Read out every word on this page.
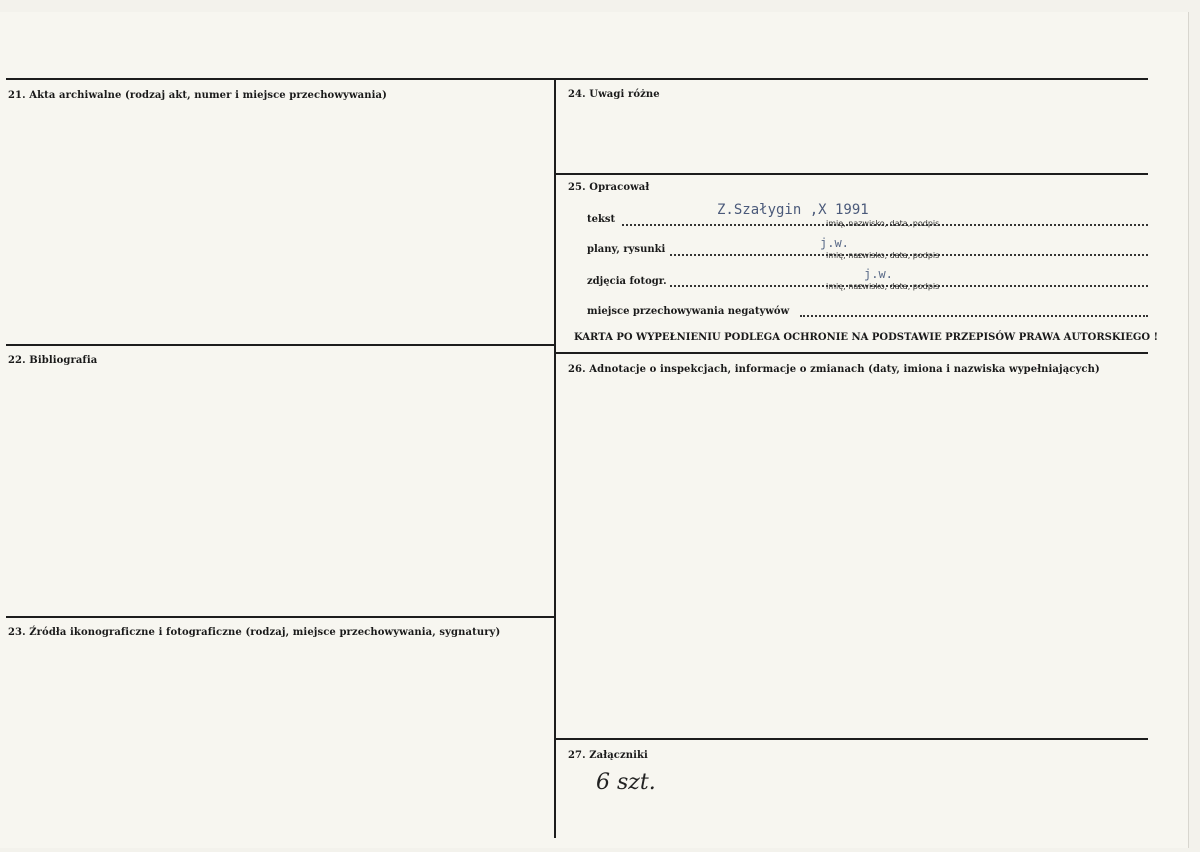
21. Akta archiwalne (rodzaj akt, numer i miejsce przechowywania)
22. Bibliografia
23. Źródła ikonograficzne i fotograficzne (rodzaj, miejsce przechowywania, sygnatury)
24. Uwagi różne
25. Opracował
tekst
Z.Szałygin ,X 1991
imię, nazwisko, data, podpis
plany, rysunki	j.w.
imię, nazwisko, data, podpis
zdjęcia fotogr.
j.w.
imię, nazwisko, data, podpis
miejsce przechowywania negatywów
KARTA PO WYPEŁNIENIU PODLEGA OCHRONIE NA PODSTAWIE PRZEPISÓW PRAWA AUTORSKIEGO !
26. Adnotacje o inspekcjach, informacje o zmianach (daty, imiona i nazwiska wypełniających)
27. Załączniki
6 szt.
